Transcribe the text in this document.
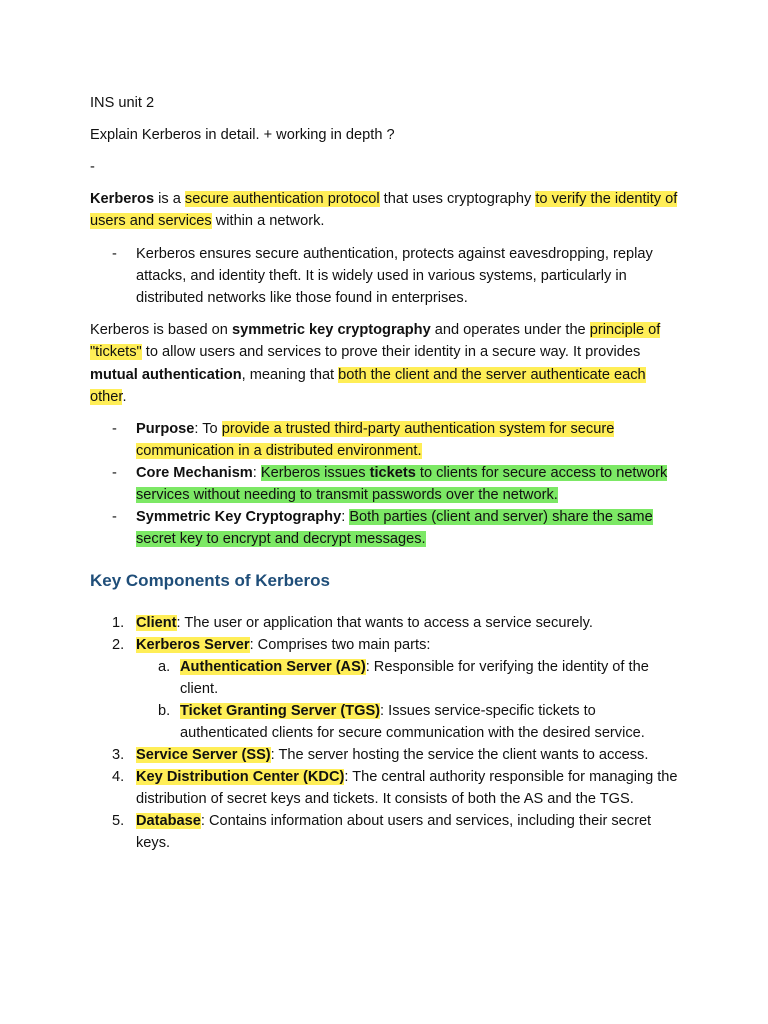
INS unit 2

Explain Kerberos in detail. + working in depth ?

-

Kerberos is a secure authentication protocol that uses cryptography to verify the identity of users and services within a network.

- Kerberos ensures secure authentication, protects against eavesdropping, replay attacks, and identity theft. It is widely used in various systems, particularly in distributed networks like those found in enterprises.

Kerberos is based on symmetric key cryptography and operates under the principle of "tickets" to allow users and services to prove their identity in a secure way. It provides mutual authentication, meaning that both the client and the server authenticate each other.

- Purpose: To provide a trusted third-party authentication system for secure communication in a distributed environment.
- Core Mechanism: Kerberos issues tickets to clients for secure access to network services without needing to transmit passwords over the network.
- Symmetric Key Cryptography: Both parties (client and server) share the same secret key to encrypt and decrypt messages.
Key Components of Kerberos
1. Client: The user or application that wants to access a service securely.
2. Kerberos Server: Comprises two main parts:
a. Authentication Server (AS): Responsible for verifying the identity of the client.
b. Ticket Granting Server (TGS): Issues service-specific tickets to authenticated clients for secure communication with the desired service.
3. Service Server (SS): The server hosting the service the client wants to access.
4. Key Distribution Center (KDC): The central authority responsible for managing the distribution of secret keys and tickets. It consists of both the AS and the TGS.
5. Database: Contains information about users and services, including their secret keys.
